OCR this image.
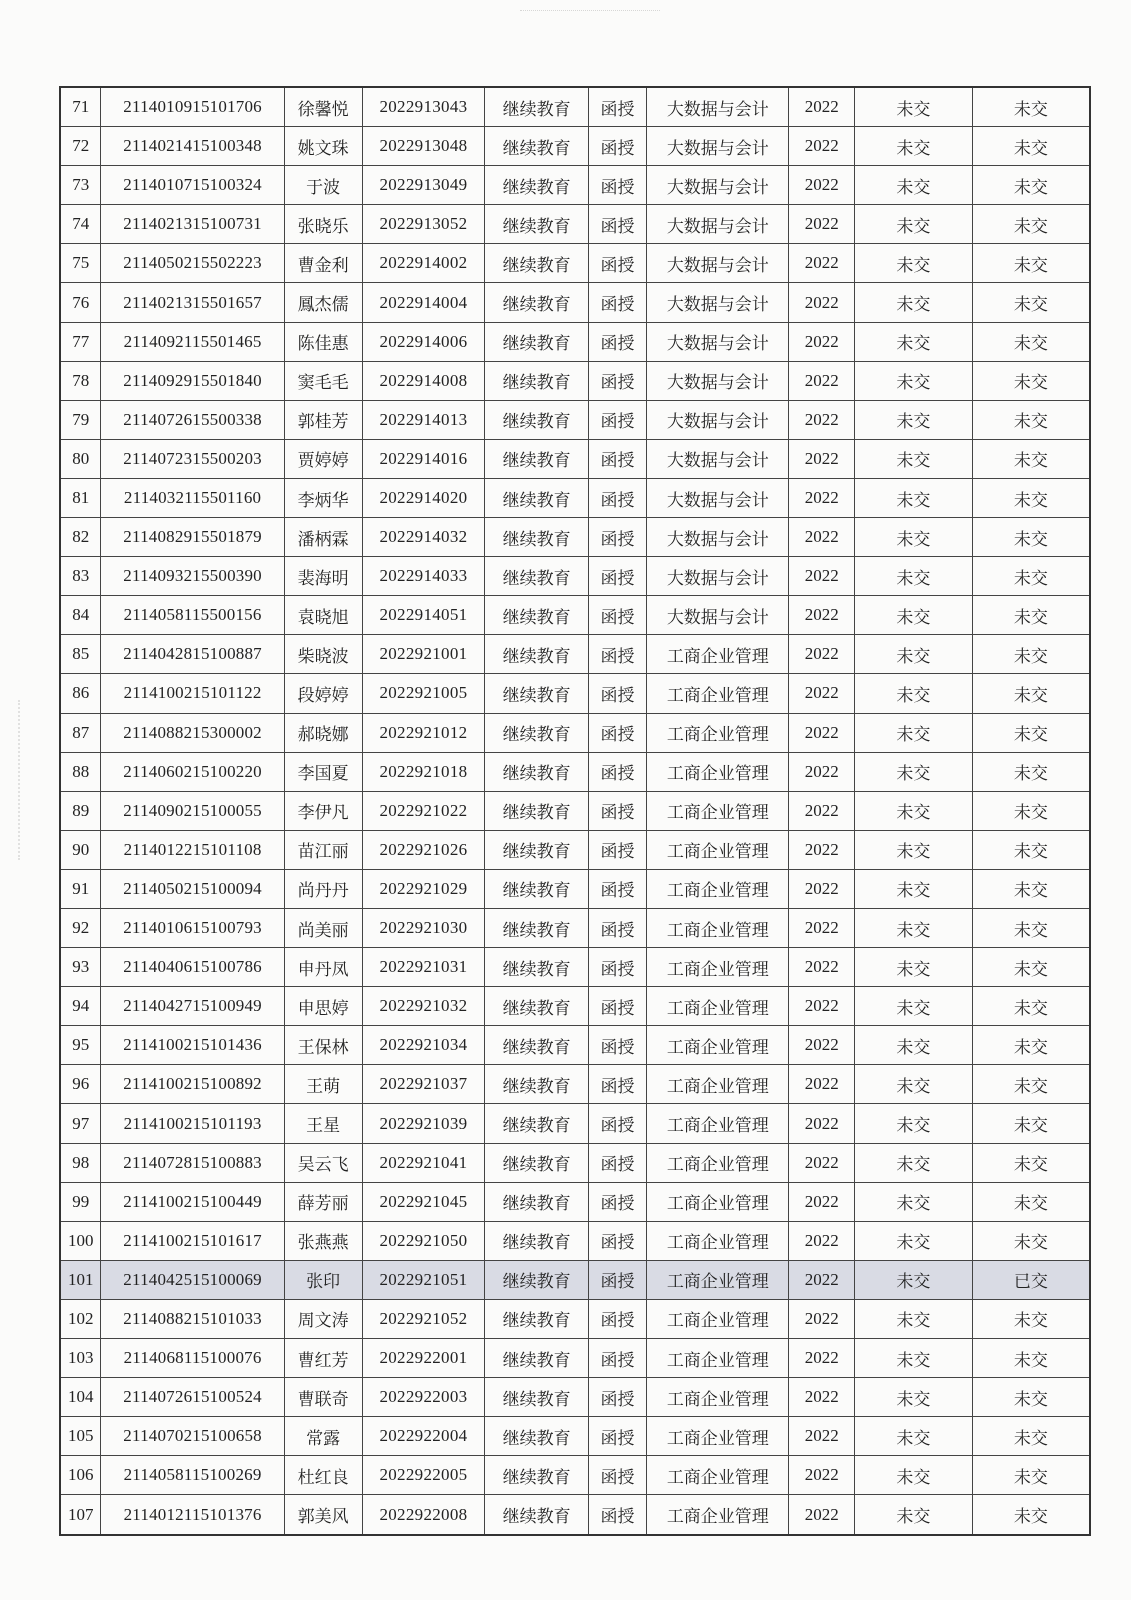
71	2114010915101706	徐馨悦	2022913043	继续教育	函授	大数据与会计	2022	未交	未交
72	2114021415100348	姚文珠	2022913048	继续教育	函授	大数据与会计	2022	未交	未交
73	2114010715100324	于波	2022913049	继续教育	函授	大数据与会计	2022	未交	未交
74	2114021315100731	张晓乐	2022913052	继续教育	函授	大数据与会计	2022	未交	未交
75	2114050215502223	曹金利	2022914002	继续教育	函授	大数据与会计	2022	未交	未交
76	2114021315501657	鳳杰儒	2022914004	继续教育	函授	大数据与会计	2022	未交	未交
77	2114092115501465	陈佳惠	2022914006	继续教育	函授	大数据与会计	2022	未交	未交
78	2114092915501840	窦毛毛	2022914008	继续教育	函授	大数据与会计	2022	未交	未交
79	2114072615500338	郭桂芳	2022914013	继续教育	函授	大数据与会计	2022	未交	未交
80	2114072315500203	贾婷婷	2022914016	继续教育	函授	大数据与会计	2022	未交	未交
81	2114032115501160	李炳华	2022914020	继续教育	函授	大数据与会计	2022	未交	未交
82	2114082915501879	潘柄霖	2022914032	继续教育	函授	大数据与会计	2022	未交	未交
83	2114093215500390	裴海明	2022914033	继续教育	函授	大数据与会计	2022	未交	未交
84	2114058115500156	袁晓旭	2022914051	继续教育	函授	大数据与会计	2022	未交	未交
85	2114042815100887	柴晓波	2022921001	继续教育	函授	工商企业管理	2022	未交	未交
86	2114100215101122	段婷婷	2022921005	继续教育	函授	工商企业管理	2022	未交	未交
87	2114088215300002	郝晓娜	2022921012	继续教育	函授	工商企业管理	2022	未交	未交
88	2114060215100220	李国夏	2022921018	继续教育	函授	工商企业管理	2022	未交	未交
89	2114090215100055	李伊凡	2022921022	继续教育	函授	工商企业管理	2022	未交	未交
90	2114012215101108	苗江丽	2022921026	继续教育	函授	工商企业管理	2022	未交	未交
91	2114050215100094	尚丹丹	2022921029	继续教育	函授	工商企业管理	2022	未交	未交
92	2114010615100793	尚美丽	2022921030	继续教育	函授	工商企业管理	2022	未交	未交
93	2114040615100786	申丹凤	2022921031	继续教育	函授	工商企业管理	2022	未交	未交
94	2114042715100949	申思婷	2022921032	继续教育	函授	工商企业管理	2022	未交	未交
95	2114100215101436	王保林	2022921034	继续教育	函授	工商企业管理	2022	未交	未交
96	2114100215100892	王萌	2022921037	继续教育	函授	工商企业管理	2022	未交	未交
97	2114100215101193	王星	2022921039	继续教育	函授	工商企业管理	2022	未交	未交
98	2114072815100883	吴云飞	2022921041	继续教育	函授	工商企业管理	2022	未交	未交
99	2114100215100449	薛芳丽	2022921045	继续教育	函授	工商企业管理	2022	未交	未交
100	2114100215101617	张燕燕	2022921050	继续教育	函授	工商企业管理	2022	未交	未交
101	2114042515100069	张印	2022921051	继续教育	函授	工商企业管理	2022	未交	已交
102	2114088215101033	周文涛	2022921052	继续教育	函授	工商企业管理	2022	未交	未交
103	2114068115100076	曹红芳	2022922001	继续教育	函授	工商企业管理	2022	未交	未交
104	2114072615100524	曹联奇	2022922003	继续教育	函授	工商企业管理	2022	未交	未交
105	2114070215100658	常露	2022922004	继续教育	函授	工商企业管理	2022	未交	未交
106	2114058115100269	杜红良	2022922005	继续教育	函授	工商企业管理	2022	未交	未交
107	2114012115101376	郭美风	2022922008	继续教育	函授	工商企业管理	2022	未交	未交
